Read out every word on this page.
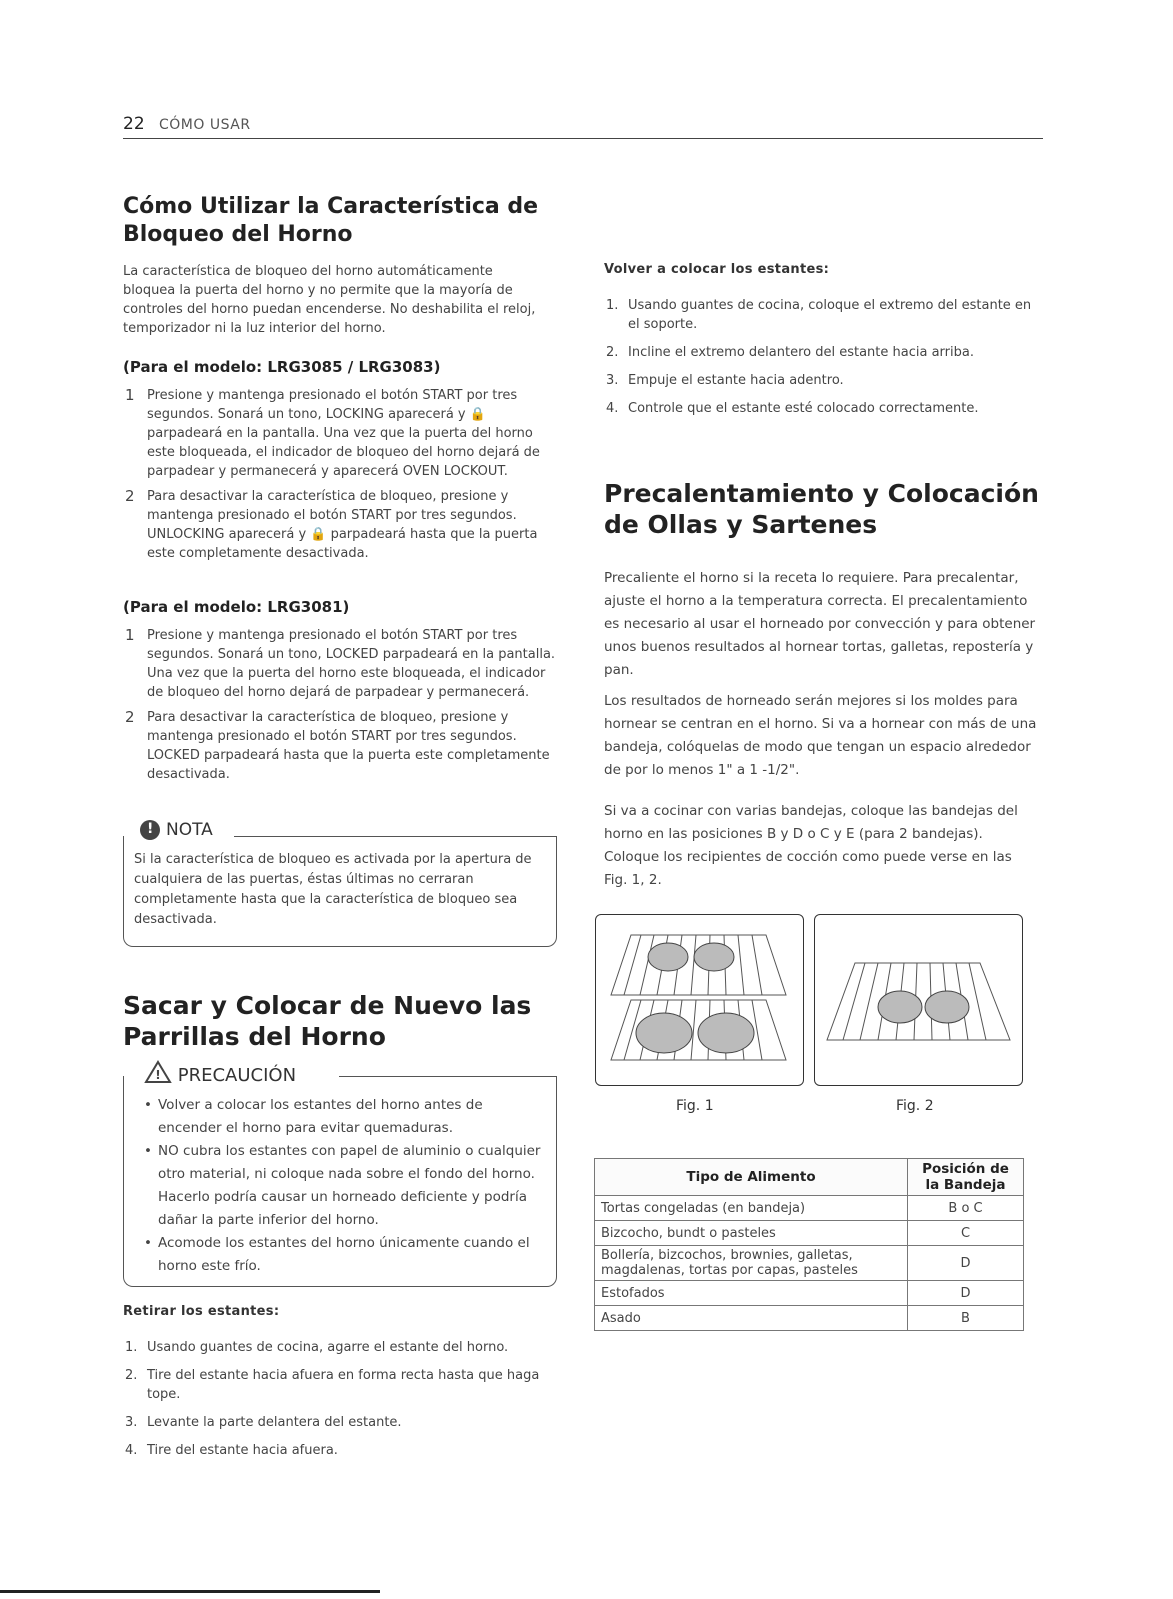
22 CÓMO USAR
Cómo Utilizar la Característica de
Bloqueo del Horno

La característica de bloqueo del horno automáticamente bloquea la puerta del horno y no permite que la mayoría de controles del horno puedan encenderse. No deshabilita el reloj, temporizador ni la luz interior del horno.

(Para el modelo: LRG3085 / LRG3083)
1 Presione y mantenga presionado el botón START por tres segundos. Sonará un tono, LOCKING aparecerá y 🔒 parpadeará en la pantalla. Una vez que la puerta del horno este bloqueada, el indicador de bloqueo del horno dejará de parpadear y permanecerá y aparecerá OVEN LOCKOUT.
2 Para desactivar la característica de bloqueo, presione y mantenga presionado el botón START por tres segundos. UNLOCKING aparecerá y 🔒 parpadeará hasta que la puerta este completamente desactivada.
(Para el modelo: LRG3081)
1 Presione y mantenga presionado el botón START por tres segundos. Sonará un tono, LOCKED parpadeará en la pantalla. Una vez que la puerta del horno este bloqueada, el indicador de bloqueo del horno dejará de parpadear y permanecerá.
2 Para desactivar la característica de bloqueo, presione y mantenga presionado el botón START por tres segundos. LOCKED parpadeará hasta que la puerta este completamente desactivada.
!NOTA

Si la característica de bloqueo es activada por la apertura de cualquiera de las puertas, éstas últimas no cerraran completamente hasta que la característica de bloqueo sea desactivada.

Sacar y Colocar de Nuevo las
Parrillas del Horno
! PRECAUCIÓN
• Volver a colocar los estantes del horno antes de encender el horno para evitar quemaduras.
• NO cubra los estantes con papel de aluminio o cualquier otro material, ni coloque nada sobre el fondo del horno. Hacerlo podría causar un horneado deficiente y podría dañar la parte inferior del horno.
• Acomode los estantes del horno únicamente cuando el horno este frío.
Retirar los estantes:
1. Usando guantes de cocina, agarre el estante del horno.
2. Tire del estante hacia afuera en forma recta hasta que haga tope.
3. Levante la parte delantera del estante.
4. Tire del estante hacia afuera.
Volver a colocar los estantes:
1. Usando guantes de cocina, coloque el extremo del estante en el soporte.
2. Incline el extremo delantero del estante hacia arriba.
3. Empuje el estante hacia adentro.
4. Controle que el estante esté colocado correctamente.
Precalentamiento y Colocación
de Ollas y Sartenes

Precaliente el horno si la receta lo requiere. Para precalentar, ajuste el horno a la temperatura correcta. El precalentamiento es necesario al usar el horneado por convección y para obtener unos buenos resultados al hornear tortas, galletas, repostería y pan.

Los resultados de horneado serán mejores si los moldes para hornear se centran en el horno. Si va a hornear con más de una bandeja, colóquelas de modo que tengan un espacio alrededor de por lo menos 1" a 1 -1/2".

Si va a cocinar con varias bandejas, coloque las bandejas del horno en las posiciones B y D o C y E (para 2 bandejas). Coloque los recipientes de cocción como puede verse en las Fig. 1, 2.

Fig. 1	Fig. 2
Tipo de Alimento	Posición de la Bandeja
Tortas congeladas (en bandeja)	B o C
Bizcocho, bundt o pasteles	C
Bollería, bizcochos, brownies, galletas, magdalenas, tortas por capas, pasteles	D
Estofados	D
Asado	B
